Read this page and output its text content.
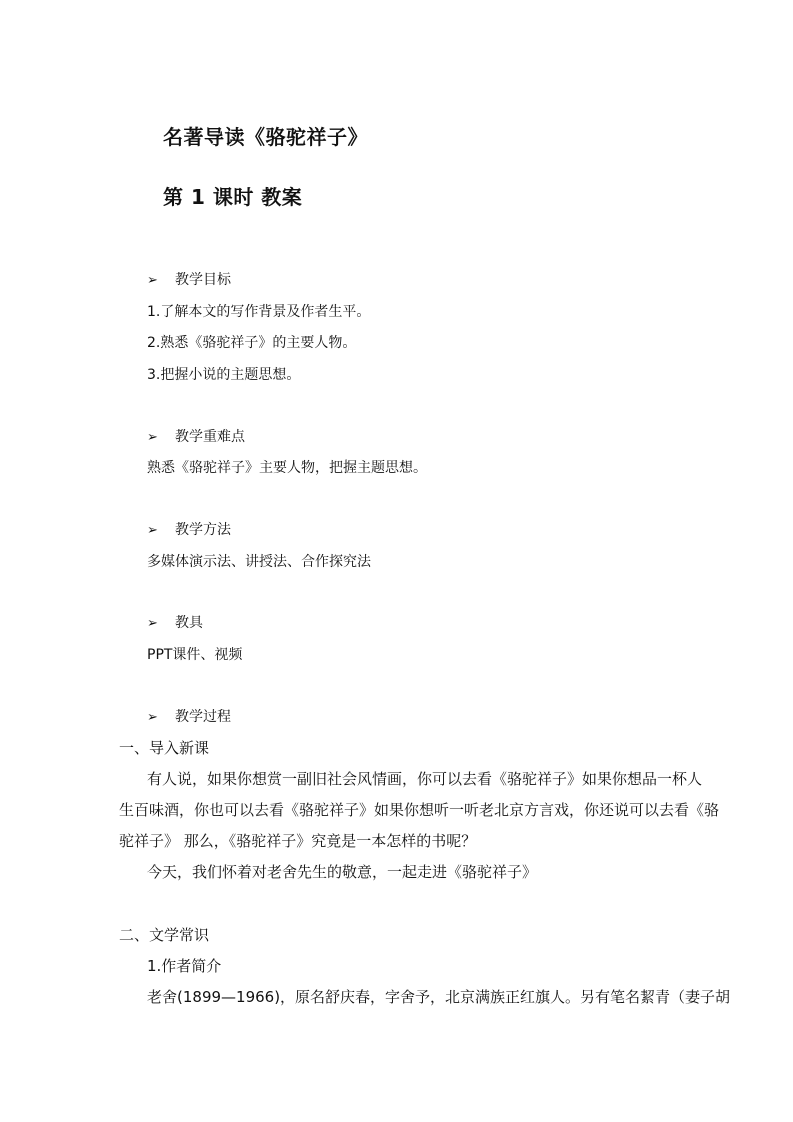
名著导读《骆驼祥子》
第 1 课时 教案
➢ 教学目标
1.了解本文的写作背景及作者生平。
2.熟悉《骆驼祥子》的主要人物。
3.把握小说的主题思想。
➢ 教学重难点
熟悉《骆驼祥子》主要人物，把握主题思想。
➢ 教学方法
多媒体演示法、讲授法、合作探究法
➢ 教具
PPT课件、视频
➢ 教学过程
一、导入新课
有人说，如果你想赏一副旧社会风情画，你可以去看《骆驼祥子》如果你想品一杯人
生百味酒，你也可以去看《骆驼祥子》如果你想听一听老北京方言戏，你还说可以去看《骆
驼祥子》 那么，《骆驼祥子》究竟是一本怎样的书呢？
今天，我们怀着对老舍先生的敬意，一起走进《骆驼祥子》
二、文学常识
1.作者简介
老舍(1899—1966)，原名舒庆春，字舍予，北京满族正红旗人。另有笔名絜青（妻子胡
